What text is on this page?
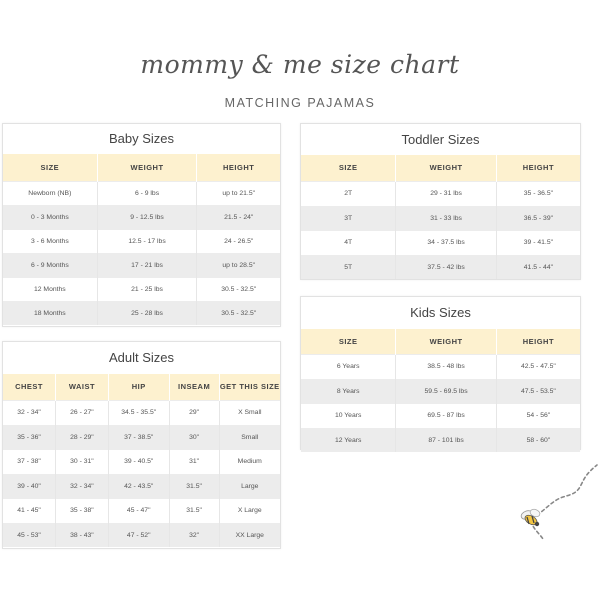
mommy & me size chart
MATCHING PAJAMAS
Baby Sizes
SIZE	WEIGHT	HEIGHT
Newborn (NB)	6 - 9 lbs	up to 21.5"
0 - 3 Months	9 - 12.5 lbs	21.5 - 24"
3 - 6 Months	12.5 - 17 lbs	24 - 26.5"
6 - 9 Months	17 - 21 lbs	up to 28.5"
12 Months	21 - 25 lbs	30.5 - 32.5"
18 Months	25 - 28 lbs	30.5 - 32.5"
Toddler Sizes
SIZE	WEIGHT	HEIGHT
2T	29 - 31 lbs	35 - 36.5"
3T	31 - 33 lbs	36.5 - 39"
4T	34 - 37.5 lbs	39 - 41.5"
5T	37.5 - 42 lbs	41.5 - 44"
Adult Sizes
CHEST	WAIST	HIP	INSEAM	GET THIS SIZE
32 - 34"	26 - 27"	34.5 - 35.5"	29"	X Small
35 - 36"	28 - 29"	37 - 38.5"	30"	Small
37 - 38"	30 - 31"	39 - 40.5"	31"	Medium
39 - 40"	32 - 34"	42 - 43.5"	31.5"	Large
41 - 45"	35 - 38"	45 - 47"	31.5"	X Large
45 - 53"	38 - 43"	47 - 52"	32"	XX Large
Kids Sizes
SIZE	WEIGHT	HEIGHT
6 Years	38.5 - 48 lbs	42.5 - 47.5"
8 Years	59.5 - 69.5 lbs	47.5 - 53.5"
10 Years	69.5 - 87 lbs	54 - 56"
12 Years	87 - 101 lbs	58 - 60"
